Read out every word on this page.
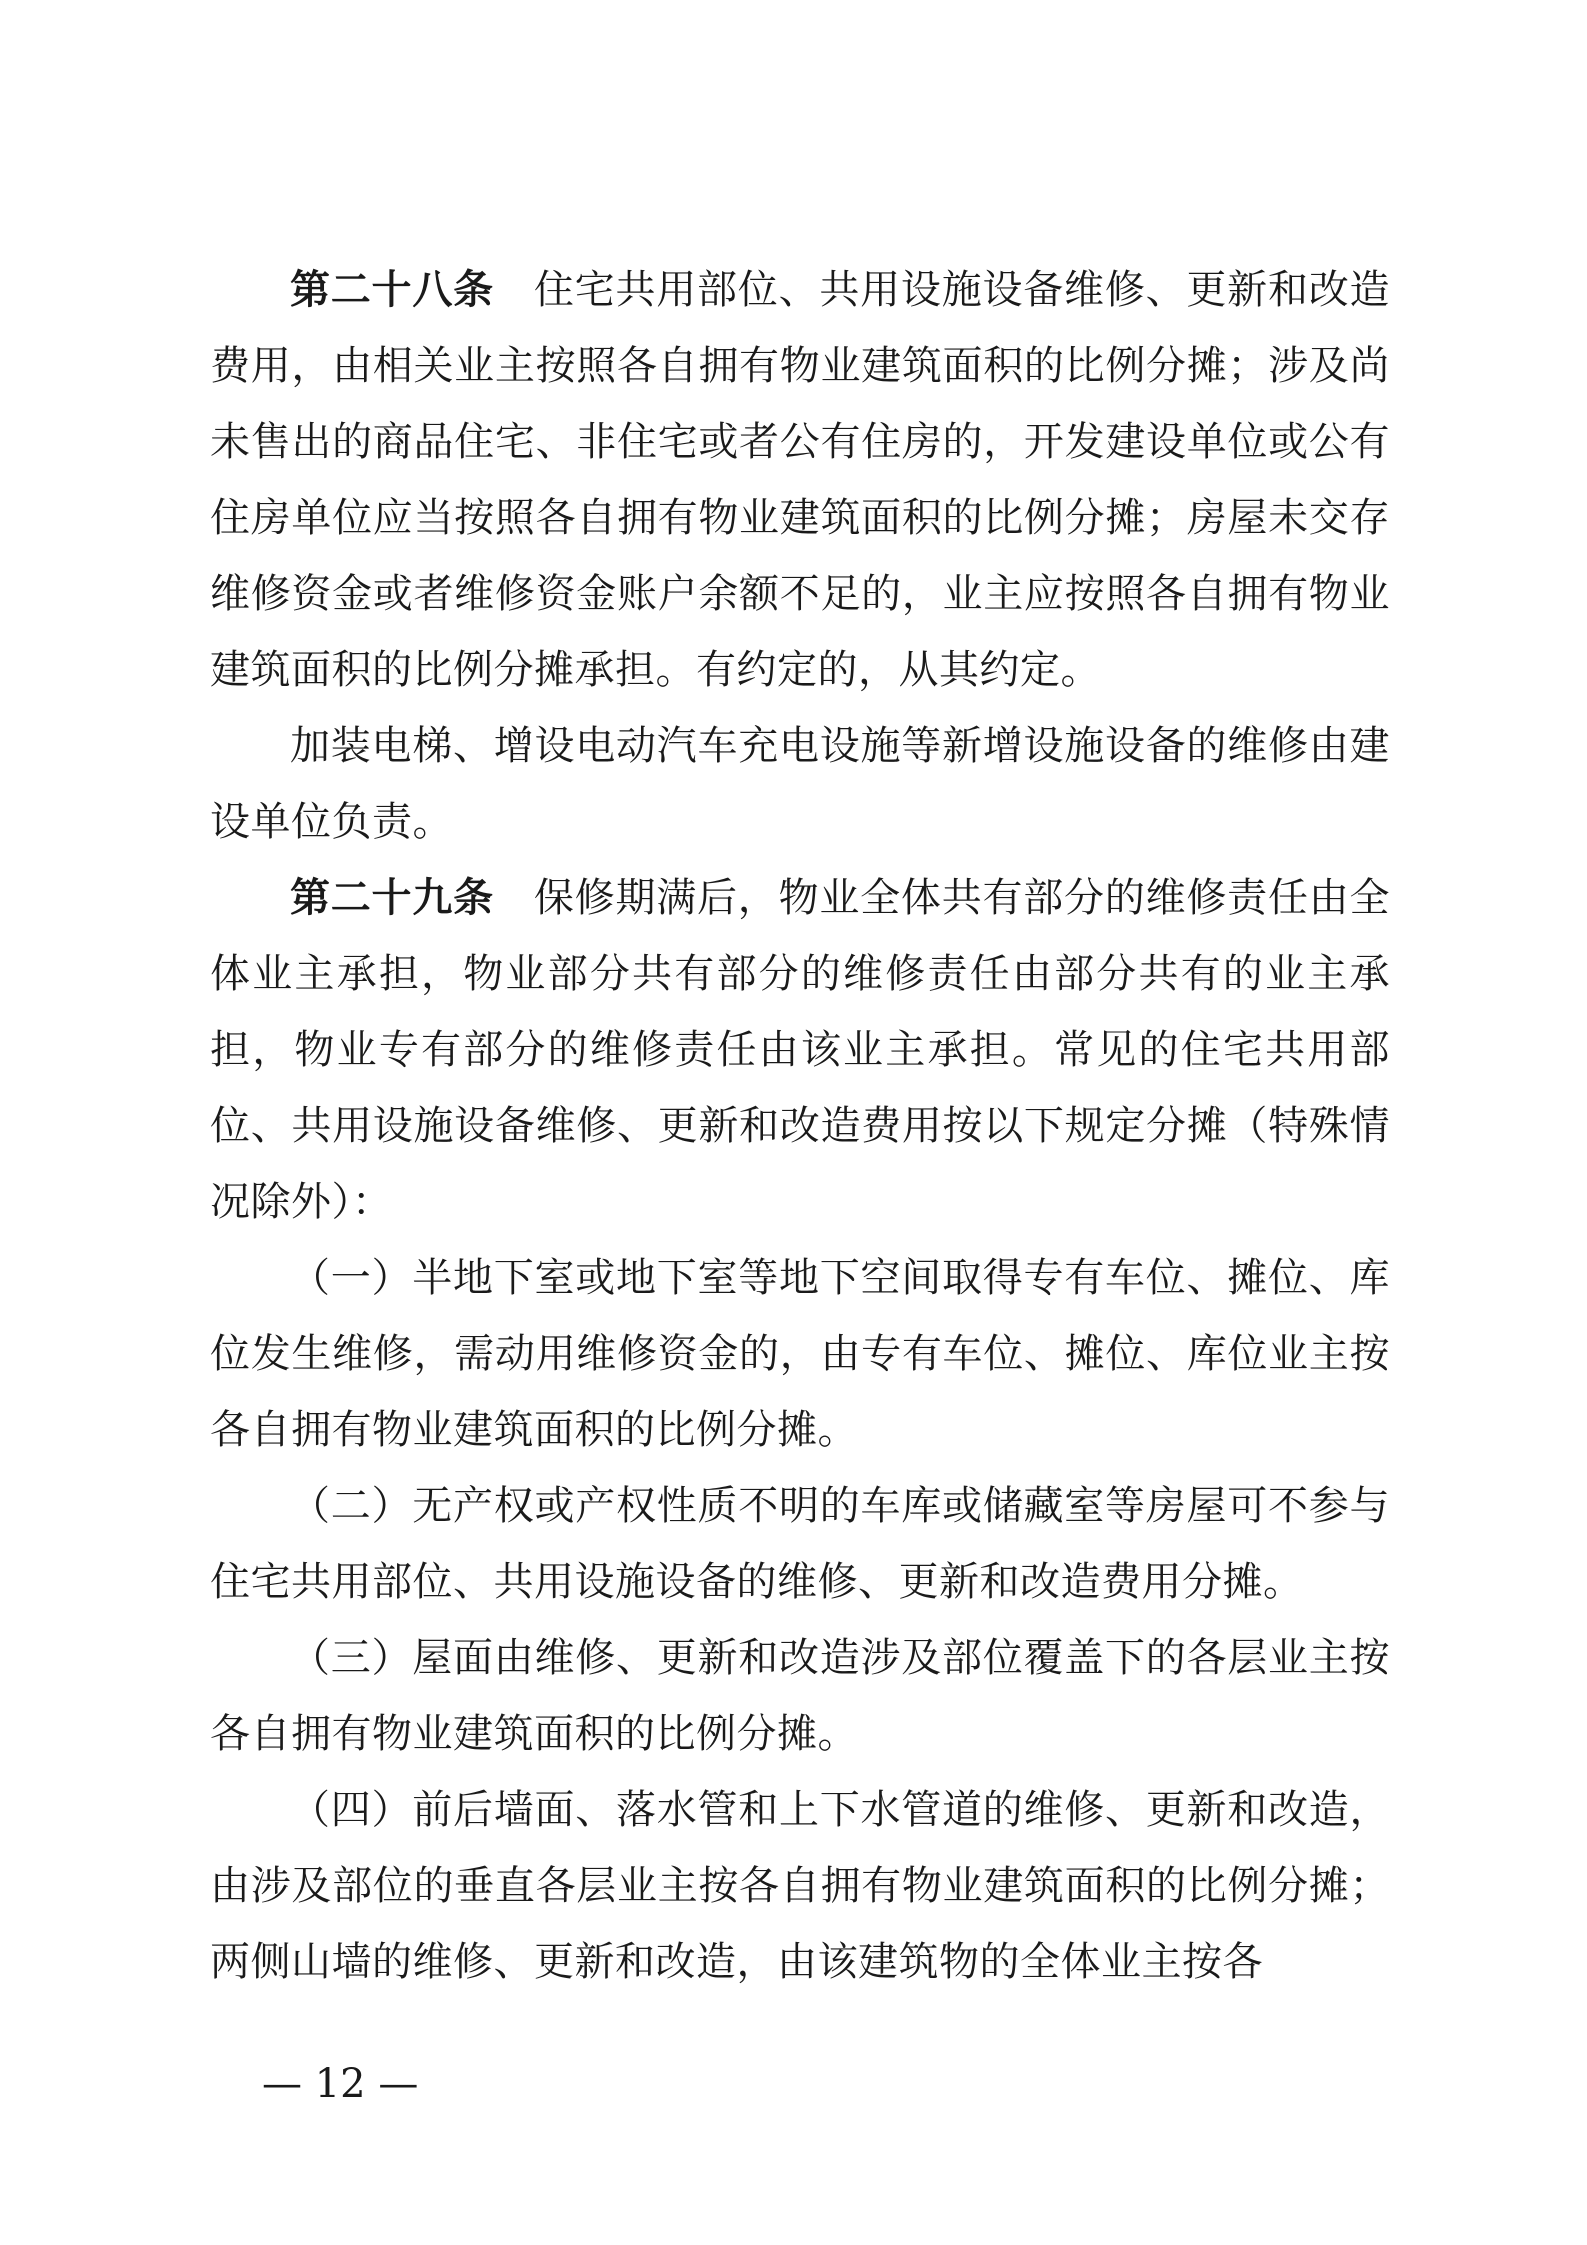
第二十八条 住宅共用部位、共用设施设备维修、更新和改造费用，由相关业主按照各自拥有物业建筑面积的比例分摊；涉及尚未售出的商品住宅、非住宅或者公有住房的，开发建设单位或公有住房单位应当按照各自拥有物业建筑面积的比例分摊；房屋未交存维修资金或者维修资金账户余额不足的，业主应按照各自拥有物业建筑面积的比例分摊承担。有约定的，从其约定。

加装电梯、增设电动汽车充电设施等新增设施设备的维修由建设单位负责。

第二十九条 保修期满后，物业全体共有部分的维修责任由全体业主承担，物业部分共有部分的维修责任由部分共有的业主承担，物业专有部分的维修责任由该业主承担。常见的住宅共用部位、共用设施设备维修、更新和改造费用按以下规定分摊（特殊情况除外）：

（一）半地下室或地下室等地下空间取得专有车位、摊位、库位发生维修，需动用维修资金的，由专有车位、摊位、库位业主按各自拥有物业建筑面积的比例分摊。

（二）无产权或产权性质不明的车库或储藏室等房屋可不参与住宅共用部位、共用设施设备的维修、更新和改造费用分摊。

（三）屋面由维修、更新和改造涉及部位覆盖下的各层业主按各自拥有物业建筑面积的比例分摊。

（四）前后墙面、落水管和上下水管道的维修、更新和改造，由涉及部位的垂直各层业主按各自拥有物业建筑面积的比例分摊；两侧山墙的维修、更新和改造，由该建筑物的全体业主按各

— 12 —
